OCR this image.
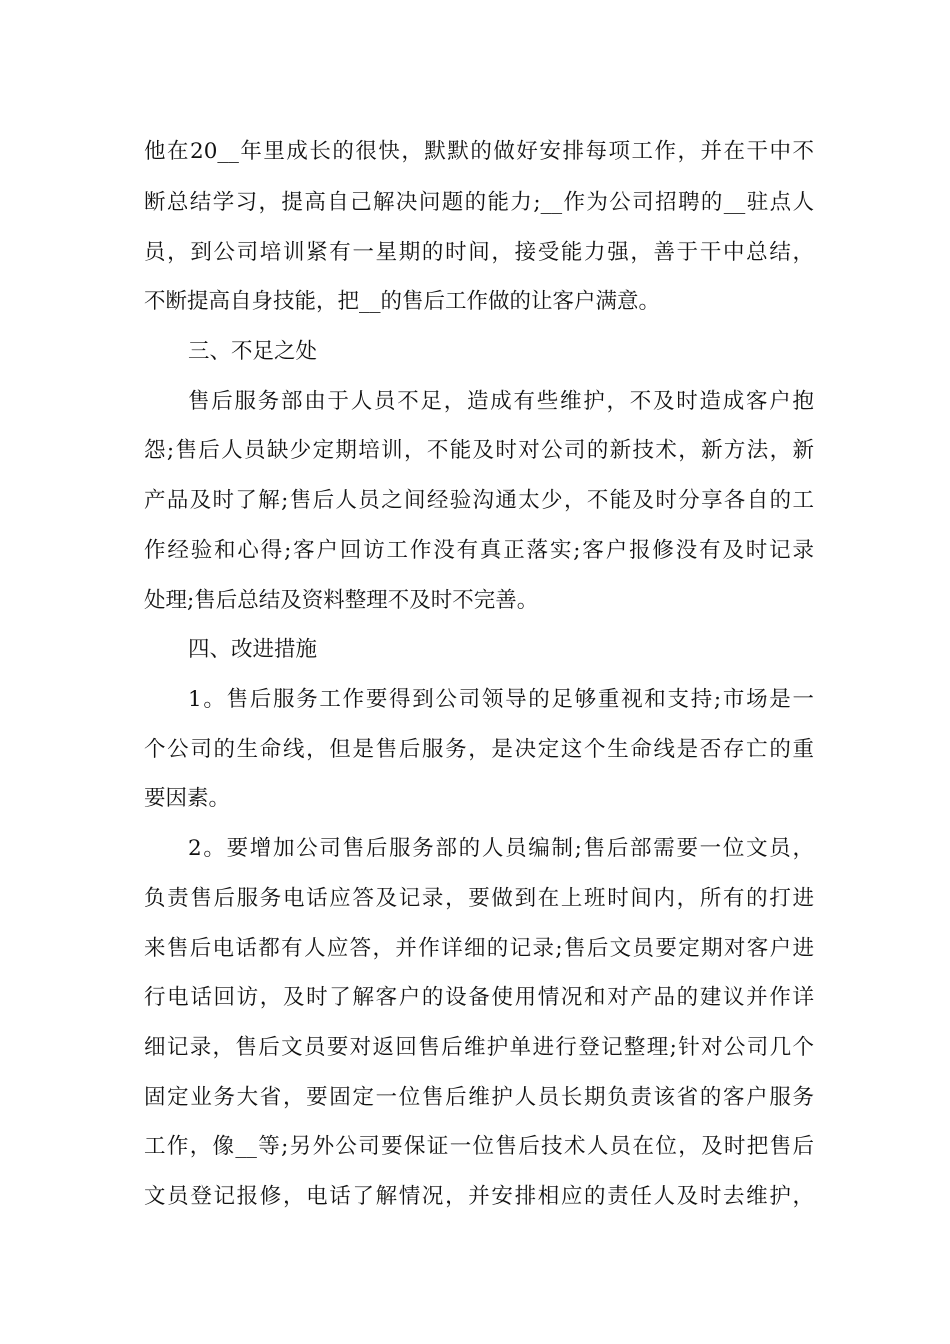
他在20__年里成长的很快，默默的做好安排每项工作，并在干中不
断总结学习，提高自己解决问题的能力;__作为公司招聘的__驻点人
员，到公司培训紧有一星期的时间，接受能力强，善于干中总结，
不断提高自身技能，把__的售后工作做的让客户满意。
三、不足之处
售后服务部由于人员不足，造成有些维护，不及时造成客户抱
怨;售后人员缺少定期培训，不能及时对公司的新技术，新方法，新
产品及时了解;售后人员之间经验沟通太少，不能及时分享各自的工
作经验和心得;客户回访工作没有真正落实;客户报修没有及时记录
处理;售后总结及资料整理不及时不完善。
四、改进措施
1。售后服务工作要得到公司领导的足够重视和支持;市场是一
个公司的生命线，但是售后服务，是决定这个生命线是否存亡的重
要因素。
2。要增加公司售后服务部的人员编制;售后部需要一位文员，
负责售后服务电话应答及记录，要做到在上班时间内，所有的打进
来售后电话都有人应答，并作详细的记录;售后文员要定期对客户进
行电话回访，及时了解客户的设备使用情况和对产品的建议并作详
细记录，售后文员要对返回售后维护单进行登记整理;针对公司几个
固定业务大省，要固定一位售后维护人员长期负责该省的客户服务
工作，像__等;另外公司要保证一位售后技术人员在位，及时把售后
文员登记报修，电话了解情况，并安排相应的责任人及时去维护，
